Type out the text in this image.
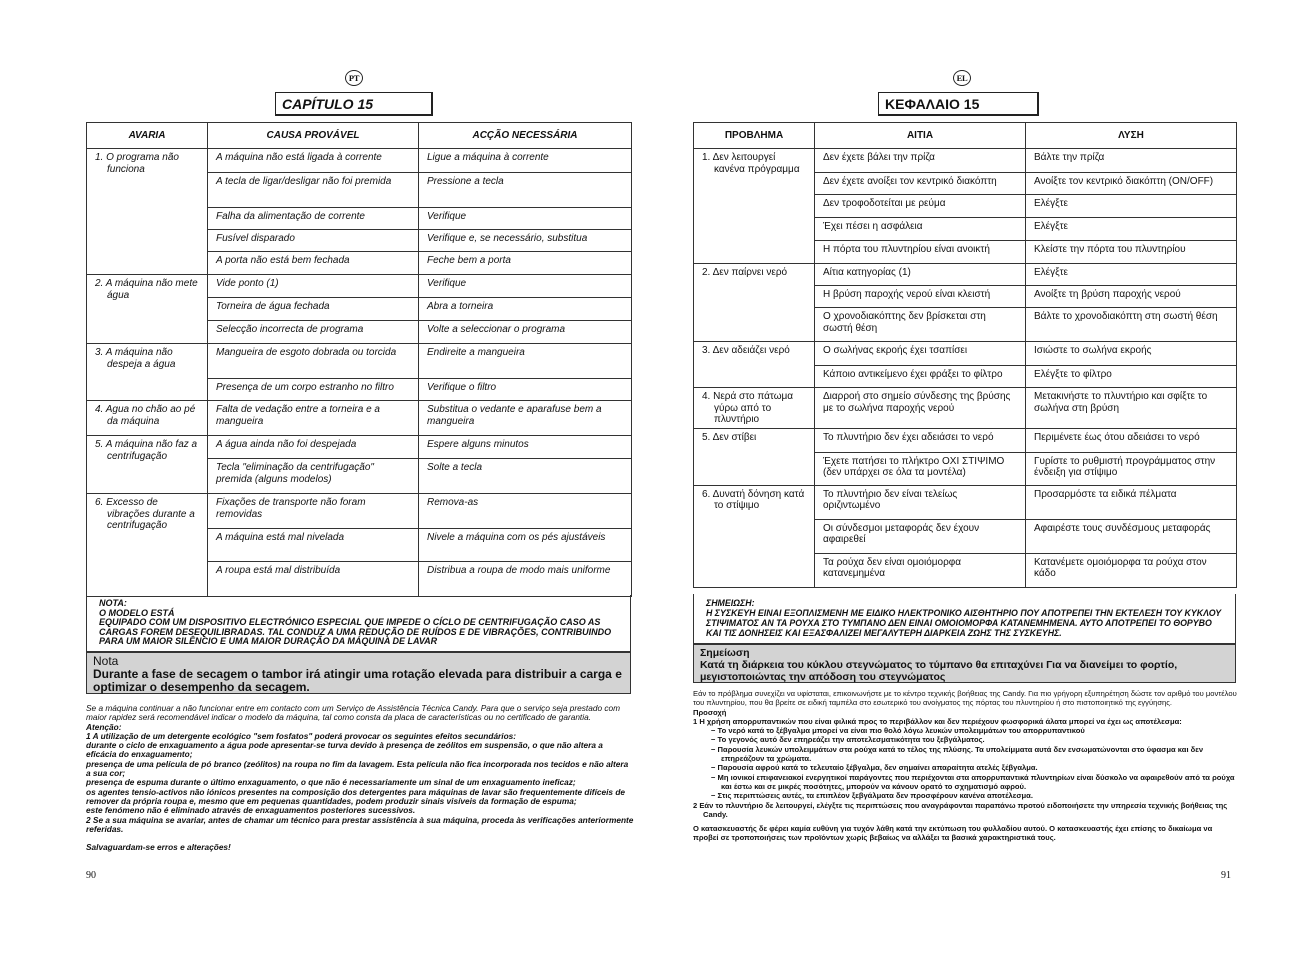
PT
CAPÍTULO 15
AVARIA	CAUSA PROVÁVEL	ACÇÃO NECESSÁRIA

1. O programa não funciona	A máquina não está ligada à corrente	Ligue a máquina à corrente
	A tecla de ligar/desligar não foi premida	Pressione a tecla
	Falha da alimentação de corrente	Verifique
	Fusível disparado	Verifique e, se necessário, substitua
	A porta não está bem fechada	Feche bem a porta

2. A máquina não mete água	Vide ponto (1)	Verifique
	Torneira de água fechada	Abra a torneira
	Selecção incorrecta de programa	Volte a seleccionar o programa

3. A máquina não despeja a água	Mangueira de esgoto dobrada ou torcida	Endireite a mangueira
	Presença de um corpo estranho no filtro	Verifique o filtro

4. Agua no chão ao pé da máquina	Falta de vedação entre a torneira e a mangueira	Substitua o vedante e aparafuse bem a mangueira

5. A máquina não faz a centrifugação	A água ainda não foi despejada	Espere alguns minutos
	Tecla "eliminação da centrifugação" premida (alguns modelos)	Solte a tecla

6. Excesso de vibrações durante a centrifugação	Fixações de transporte não foram removidas	Remova-as
	A máquina está mal nivelada	Nivele a máquina com os pés ajustáveis
	A roupa está mal distribuída	Distribua a roupa de modo mais uniforme
NOTA:
O MODELO ESTÁ
EQUIPADO COM UM DISPOSITIVO ELECTRÓNICO ESPECIAL QUE IMPEDE O CÍCLO DE CENTRIFUGAÇÃO CASO AS CARGAS FOREM DESEQUILIBRADAS. TAL CONDUZ A UMA REDUÇÃO DE RUÍDOS E DE VIBRAÇÕES, CONTRIBUINDO PARA UM MAIOR SILÊNCIO E UMA MAIOR DURAÇÃO DA MÁQUINA DE LAVAR
Nota
Durante a fase de secagem o tambor irá atingir uma rotação elevada para distribuir a carga e optimizar o desempenho da secagem.

Se a máquina continuar a não funcionar entre em contacto com um Serviço de Assistência Técnica Candy. Para que o serviço seja prestado com maior rapidez será recomendável indicar o modelo da máquina, tal como consta da placa de características ou no certificado de garantia.

Atenção:

1 A utilização de um detergente ecológico "sem fosfatos" poderá provocar os seguintes efeitos secundários:

durante o ciclo de enxaguamento a água pode apresentar-se turva devido à presença de zeólitos em suspensão, o que não altera a eficácia do enxaguamento;

presença de uma película de pó branco (zeólitos) na roupa no fim da lavagem. Esta película não fica incorporada nos tecidos e não altera a sua cor;

presença de espuma durante o último enxaguamento, o que não é necessariamente um sinal de um enxaguamento ineficaz;

os agentes tensio-activos não iónicos presentes na composição dos detergentes para máquinas de lavar são frequentemente difíceis de remover da própria roupa e, mesmo que em pequenas quantidades, podem produzir sinais visíveis da formação de espuma;

este fenómeno não é eliminado através de enxaguamentos posteriores sucessivos.

2 Se a sua máquina se avariar, antes de chamar um técnico para prestar assistência à sua máquina, proceda às verificações anteriormente referidas.

Salvaguardam-se erros e alterações!

90
EL
ΚΕΦΑΛΑΙΟ 15
ΠΡΟΒΛΗΜΑ	ΑΙΤΙΑ	ΛΥΣΗ

1. Δεν λειτουργεί κανένα πρόγραμμα	Δεν έχετε βάλει την πρίζα	Βάλτε την πρίζα
	Δεν έχετε ανοίξει τον κεντρικό διακόπτη	Ανοίξτε τον κεντρικό διακόπτη (ON/OFF)
	Δεν τροφοδοτείται με ρεύμα	Ελέγξτε
	Έχει πέσει η ασφάλεια	Ελέγξτε
	Η πόρτα του πλυντηρίου είναι ανοικτή	Κλείστε την πόρτα του πλυντηρίου

2. Δεν παίρνει νερό	Αίτια κατηγορίας (1)	Ελέγξτε
	Η βρύση παροχής νερού είναι κλειστή	Ανοίξτε τη βρύση παροχής νερού
	Ο χρονοδιακόπτης δεν βρίσκεται στη σωστή θέση	Βάλτε το χρονοδιακόπτη στη σωστή θέση

3. Δεν αδειάζει νερό	Ο σωλήνας εκροής έχει τσαπίσει	Ισιώστε το σωλήνα εκροής
	Κάποιο αντικείμενο έχει φράξει το φίλτρο	Ελέγξτε το φίλτρο

4. Νερά στο πάτωμα γύρω από το πλυντήριο	Διαρροή στο σημείο σύνδεσης της βρύσης με το σωλήνα παροχής νερού	Μετακινήστε το πλυντήριο και σφίξτε το σωλήνα στη βρύση

5. Δεν στίβει	Το πλυντήριο δεν έχει αδειάσει το νερό	Περιμένετε έως ότου αδειάσει το νερό
	Έχετε πατήσει το πλήκτρο ΟΧΙ ΣΤΙΨΙΜΟ (δεν υπάρχει σε όλα τα μοντέλα)	Γυρίστε το ρυθμιστή προγράμματος στην ένδειξη για στίψιμο

6. Δυνατή δόνηση κατά το στίψιμο	Το πλυντήριο δεν είναι τελείως οριζιντωμένο	Προσαρμόστε τα ειδικά πέλματα
	Οι σύνδεσμοι μεταφοράς δεν έχουν αφαιρεθεί	Αφαιρέστε τους συνδέσμους μεταφοράς
	Τα ρούχα δεν είναι ομοιόμορφα κατανεμημένα	Κατανέμετε ομοιόμορφα τα ρούχα στον κάδο
ΣΗΜΕΙΩΣΗ:
Η ΣΥΣΚΕΥΗ ΕΙΝΑΙ ΕΞΟΠΛΙΣΜΕΝΗ ΜΕ ΕΙΔΙΚΟ ΗΛΕΚΤΡΟΝΙΚΟ ΑΙΣΘΗΤΗΡΙΟ ΠΟΥ ΑΠΟΤΡΕΠΕΙ ΤΗΝ ΕΚΤΕΛΕΣΗ ΤΟΥ ΚΥΚΛΟΥ ΣΤΙΨΙΜΑΤΟΣ ΑΝ ΤΑ ΡΟΥΧΑ ΣΤΟ ΤΥΜΠΑΝΟ ΔΕΝ ΕΙΝΑΙ ΟΜΟΙΟΜΟΡΦΑ ΚΑΤΑΝΕΜΗΜΕΝΑ. ΑΥΤΟ ΑΠΟΤΡΕΠΕΙ ΤΟ ΘΟΡΥΒΟ ΚΑΙ ΤΙΣ ΔΟΝΗΣΕΙΣ ΚΑΙ ΕΞΑΣΦΑΛΙΖΕΙ ΜΕΓΑΛΥΤΕΡΗ ΔΙΑΡΚΕΙΑ ΖΩΗΣ ΤΗΣ ΣΥΣΚΕΥΗΣ.
Σημείωση
Κατά τη διάρκεια του κύκλου στεγνώματος το τύμπανο θα επιταχύνει Για να διανείμει το φορτίο, μεγιστοποιώντας την απόδοση του στεγνώματος

Εάν το πρόβλημα συνεχίζει να υφίσταται, επικοινωνήστε με το κέντρο τεχνικής βοήθειας της Candy. Για πιο γρήγορη εξυπηρέτηση δώστε τον αριθμό του μοντέλου του πλυντηρίου, που θα βρείτε σε ειδική ταμπέλα στο εσωτερικό του ανοίγματος της πόρτας του πλυντηρίου ή στο πιστοποιητικό της εγγύησης.

Προσοχή

1 Η χρήση απορρυπαντικών που είναι φιλικά προς το περιβάλλον και δεν περιέχουν φωσφορικά άλατα μπορεί να έχει ως αποτέλεσμα:

− Το νερό κατά το ξέβγαλμα μπορεί να είναι πιο θολό λόγω λευκών υπολειμμάτων του απορρυπαντικού

− Το γεγονός αυτό δεν επηρεάζει την αποτελεσματικότητα του ξεβγάλματος.

− Παρουσία λευκών υπολειμμάτων στα ρούχα κατά το τέλος της πλύσης. Τα υπολείμματα αυτά δεν ενσωματώνονται στο ύφασμα και δεν επηρεάζουν τα χρώματα.

− Παρουσία αφρού κατά το τελευταίο ξέβγαλμα, δεν σημαίνει απαραίτητα ατελές ξέβγαλμα.

− Μη ιονικοί επιφανειακοί ενεργητικοί παράγοντες που περιέχονται στα απορρυπαντικά πλυντηρίων είναι δύσκολο να αφαιρεθούν από τα ρούχα και έστω και σε μικρές ποσότητες, μπορούν να κάνουν ορατό το σχηματισμό αφρού.

− Στις περιπτώσεις αυτές, τα επιπλέον ξεβγάλματα δεν προσφέρουν κανένα αποτέλεσμα.

2 Εάν το πλυντήριο δε λειτουργεί, ελέγξτε τις περιπτώσεις που αναγράφονται παραπάνω προτού ειδοποιήσετε την υπηρεσία τεχνικής βοήθειας της Candy.

Ο κατασκευαστής δε φέρει καμία ευθύνη για τυχόν λάθη κατά την εκτύπωση του φυλλαδίου αυτού. Ο κατασκευαστής έχει επίσης το δικαίωμα να προβεί σε τροποποιήσεις των προϊόντων χωρίς βεβαίως να αλλάξει τα βασικά χαρακτηριστικά τους.

91
